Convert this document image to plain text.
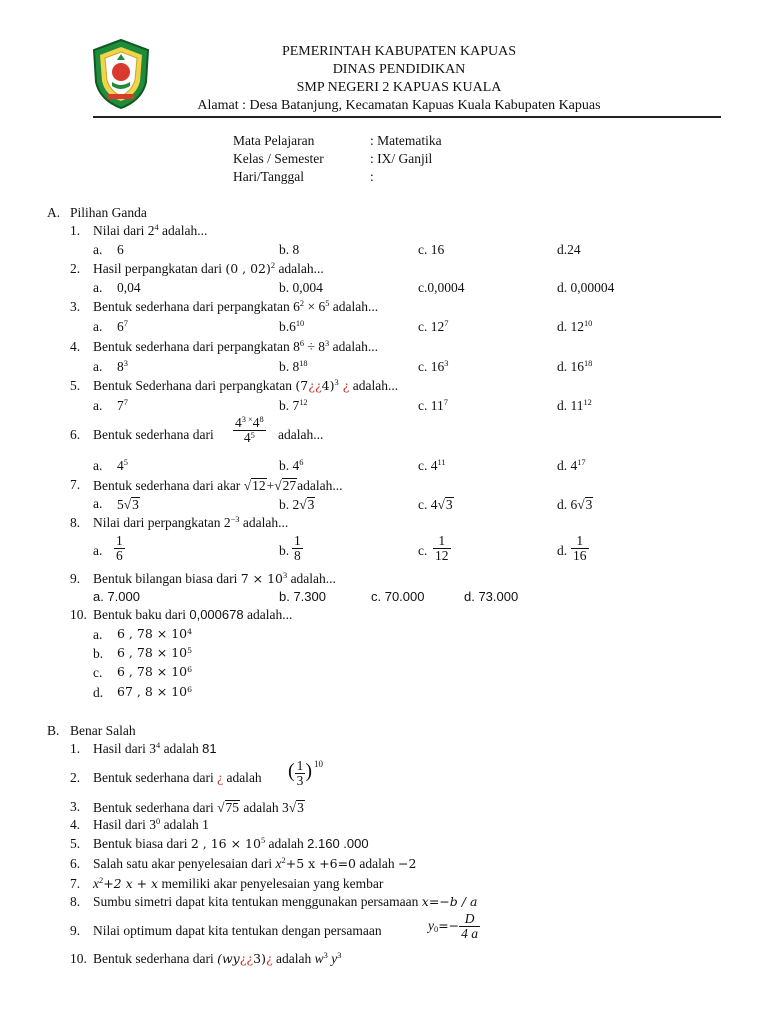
PEMERINTAH KABUPATEN KAPUAS
DINAS PENDIDIKAN
SMP NEGERI 2 KAPUAS KUALA
Alamat : Desa Batanjung, Kecamatan Kapuas Kuala Kabupaten Kapuas
Mata Pelajaran	: Matematika
Kelas / Semester	: IX/ Ganjil
Hari/Tanggal	:
A. Pilihan Ganda
1. Nilai dari $2^4$ adalah...
a. 6	b. 8	c. 16	d.24
2. Hasil perpangkatan dari (0 , 02)$^2$ adalah...
a. 0,04	b. 0,004	c.0,0004	d. 0,00004
3. Bentuk sederhana dari perpangkatan $6^2 \times 6^5$ adalah...
a. $6^7$	$b.6^{10}$	c. $12^7$	d. $12^{10}$
4. Bentuk sederhana dari perpangkatan $8^6 \div 8^3$ adalah...
a. $8^3$	b. $8^{18}$	c. $16^3$	d. $16^{18}$
5. Bentuk Sederhana dari perpangkatan (7¿¿4)$^3$ ¿ adalah...
a. $7^7$	b. $7^{12}$	c. $11^7$	d. $11^{12}$
6. Bentuk sederhana dari $\frac{4^{3 \times}4^8}{4^5}$ adalah...
a. $4^5$	b. $4^6$	c. $4^{11}$	d. $4^{17}$
7. Bentuk sederhana dari akar √12+√27adalah...
a. 5√3	b. 2√3	c. 4√3	d. 6√3
8. Nilai dari perpangkatan $2^{-3}$ adalah...
a. $\frac{1}{6}$	b. $\frac{1}{8}$	c. $\frac{1}{12}$	d. $\frac{1}{16}$
9. Bentuk bilangan biasa dari $7 \times 10^3$ adalah...
a. 7.000	b. 7.300	c. 70.000	d. 73.000
10. Bentuk baku dari 0,000678 adalah...
a. 6 , $78 \times 10^4$
b. 6 , $78 \times 10^5$
c. 6 , $78 \times 10^6$
d. 67 , $8 \times 10^6$
B. Benar Salah
1. Hasil dari $3^4$ adalah 81
2. Bentuk sederhana dari ¿ adalah ( $\frac{1}{3}$ ) 10
3. Bentuk sederhana dari √75 adalah 3√3
4. Hasil dari $3^0$ adalah 1
5. Bentuk biasa dari 2 , $16 \times 10^5$ adalah 2.160 .000
6. Salah satu akar penyelesaian dari $x^2+5$ x +6=0 adalah −2
7. $x^2+2$ x + x memiliki akar penyelesaian yang kembar
8. Sumbu simetri dapat kita tentukan menggunakan persamaan x=−b / a
9. Nilai optimum dapat kita tentukan dengan persamaan	$y_0=- \frac{D}{4 a}$
10. Bentuk sederhana dari (wy¿¿3)¿ adalah $w^3$ $y^3$
